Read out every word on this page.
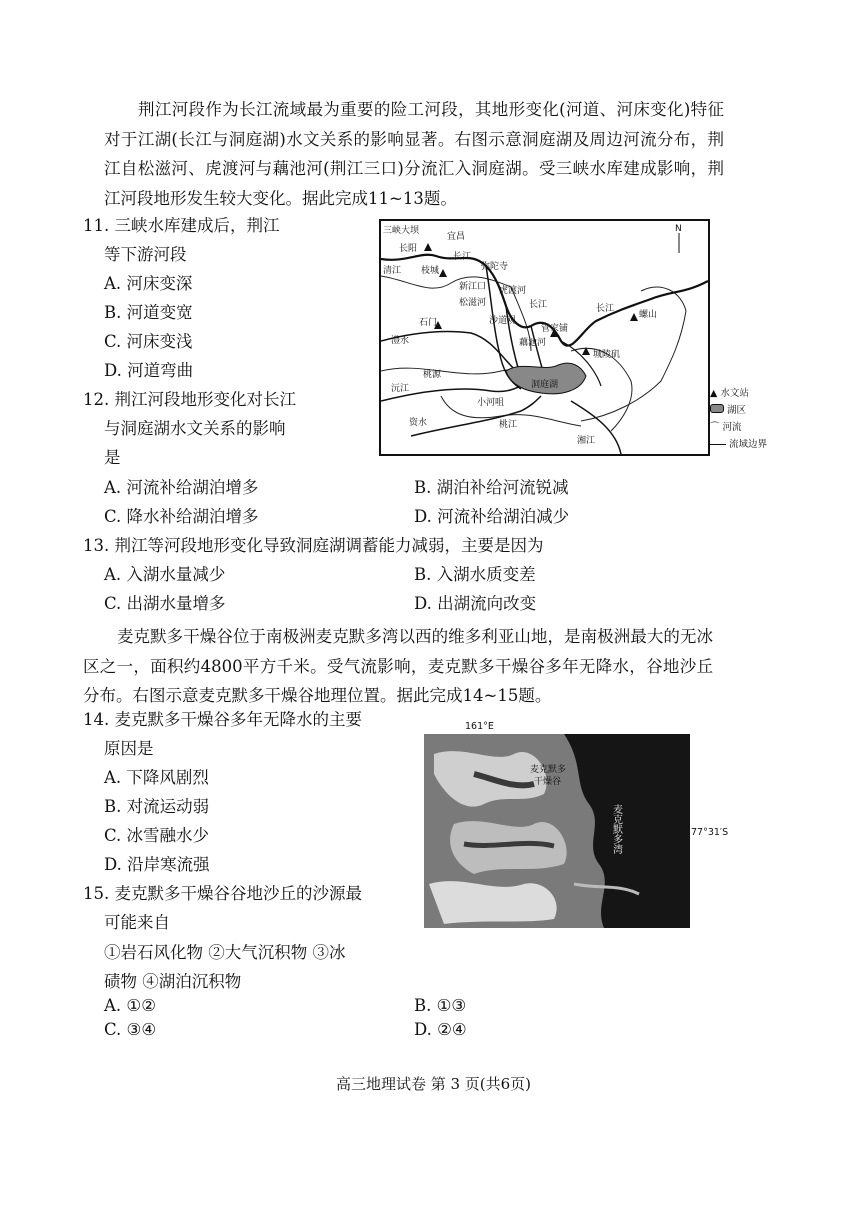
荆江河段作为长江流域最为重要的险工河段，其地形变化(河道、河床变化)特征对于江湖(长江与洞庭湖)水文关系的影响显著。右图示意洞庭湖及周边河流分布，荆江自松滋河、虎渡河与藕池河(荆江三口)分流汇入洞庭湖。受三峡水库建成影响，荆江河段地形发生较大变化。据此完成11~13题。
11. 三峡水库建成后，荆江
等下游河段
A. 河床变深
B. 河道变宽
C. 河床变浅
D. 河道弯曲
12. 荆江河段地形变化对长江
与洞庭湖水文关系的影响
是
A. 河流补给湖泊增多	B. 湖泊补给河流锐减
C. 降水补给湖泊增多	D. 河流补给湖泊减少
13. 荆江等河段地形变化导致洞庭湖调蓄能力减弱，主要是因为
A. 入湖水量减少	B. 入湖水质变差
C. 出湖水量增多	D. 出湖流向改变
N
三峡大坝
宜昌
长阳
枝城
长江
弥陀寺
清江
新江口
松滋河
虎渡河
沙道观
长江	长江
石门
管家铺
藕池河
螺山
城陵矶
澧水
桃源
沅江
小河咀
资水
洞庭湖
桃江
湘江
▲ 水文站
湖区
⌒ 河流
流域边界
麦克默多干燥谷位于南极洲麦克默多湾以西的维多利亚山地，是南极洲最大的无冰区之一，面积约4800平方千米。受气流影响，麦克默多干燥谷多年无降水，谷地沙丘分布。右图示意麦克默多干燥谷地理位置。据此完成14~15题。
14. 麦克默多干燥谷多年无降水的主要
原因是
A. 下降风剧烈
B. 对流运动弱
C. 冰雪融水少
D. 沿岸寒流强
161°E
麦克默多
干燥谷
麦克默多湾	77°31′S
15. 麦克默多干燥谷谷地沙丘的沙源最
可能来自
①岩石风化物 ②大气沉积物 ③冰
碛物 ④湖泊沉积物
A. ①②	B. ①③
C. ③④	D. ②④
高三地理试卷 第 3 页(共6页)
